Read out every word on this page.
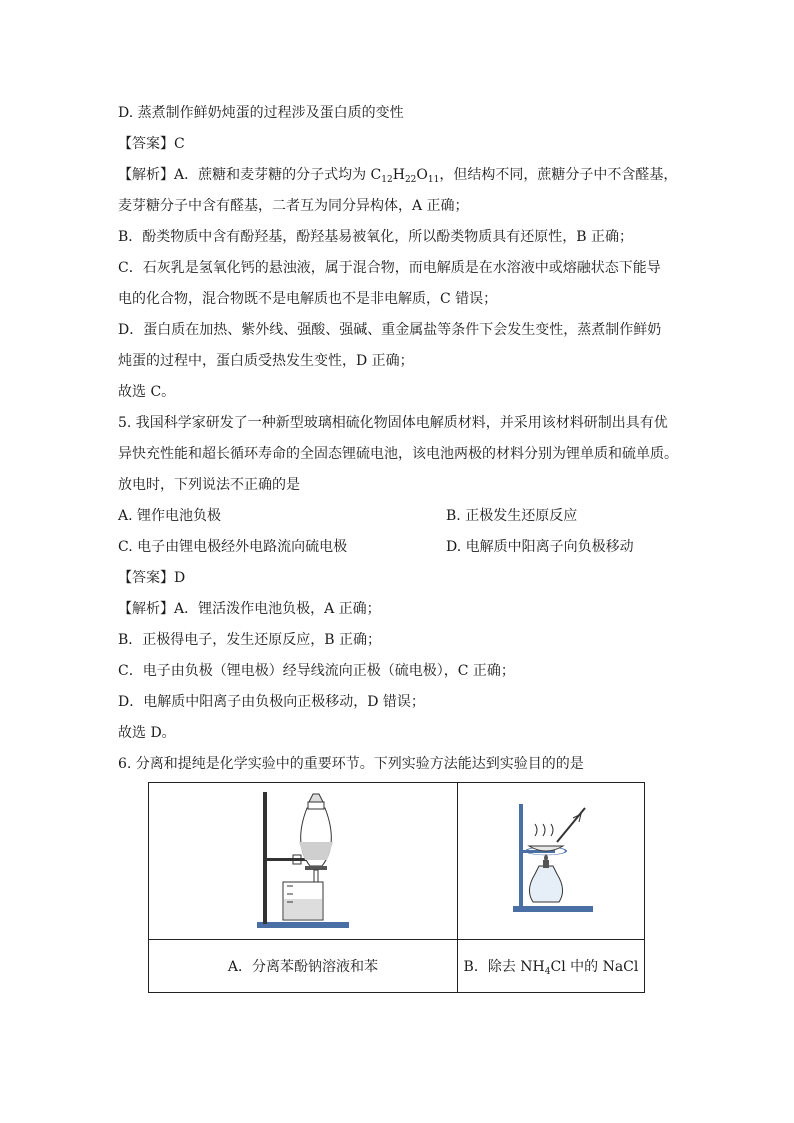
D. 蒸煮制作鲜奶炖蛋的过程涉及蛋白质的变性
【答案】C
【解析】A．蔗糖和麦芽糖的分子式均为 $C_{12}H_{22}O_{11}$，但结构不同，蔗糖分子中不含醛基，
麦芽糖分子中含有醛基，二者互为同分异构体，A 正确；
B．酚类物质中含有酚羟基，酚羟基易被氧化，所以酚类物质具有还原性，B 正确；
C．石灰乳是氢氧化钙的悬浊液，属于混合物，而电解质是在水溶液中或熔融状态下能导
电的化合物，混合物既不是电解质也不是非电解质，C 错误；
D．蛋白质在加热、紫外线、强酸、强碱、重金属盐等条件下会发生变性，蒸煮制作鲜奶
炖蛋的过程中，蛋白质受热发生变性，D 正确；
故选 C。
5. 我国科学家研发了一种新型玻璃相硫化物固体电解质材料，并采用该材料研制出具有优
异快充性能和超长循环寿命的全固态锂硫电池，该电池两极的材料分别为锂单质和硫单质。
放电时，下列说法不正确的是
A. 锂作电池负极	B. 正极发生还原反应
C. 电子由锂电极经外电路流向硫电极	D. 电解质中阳离子向负极移动
【答案】D
【解析】A．锂活泼作电池负极，A 正确；
B．正极得电子，发生还原反应，B 正确；
C．电子由负极（锂电极）经导线流向正极（硫电极），C 正确；
D．电解质中阳离子由负极向正极移动，D 错误；
故选 D。
6. 分离和提纯是化学实验中的重要环节。下列实验方法能达到实验目的的是

A．分离苯酚钠溶液和苯	B．除去 $NH_4Cl$ 中的 NaCl
